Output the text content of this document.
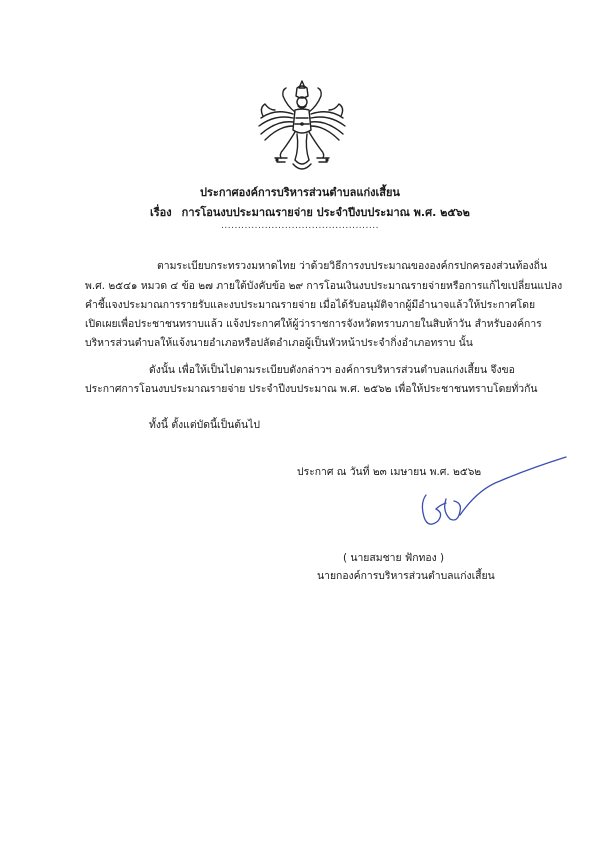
ประกาศองค์การบริหารส่วนตำบลแก่งเสี้ยน
เรื่อง การโอนงบประมาณรายจ่าย ประจำปีงบประมาณ พ.ศ. ๒๕๖๒
...............................................
ตามระเบียบกระทรวงมหาดไทย ว่าด้วยวิธีการงบประมาณขององค์กรปกครองส่วนท้องถิ่น
พ.ศ. ๒๕๔๑ หมวด ๔ ข้อ ๒๗ ภายใต้บังคับข้อ ๒๙ การโอนเงินงบประมาณรายจ่ายหรือการแก้ไขเปลี่ยนแปลง
คำชี้แจงประมาณการรายรับและงบประมาณรายจ่าย เมื่อได้รับอนุมัติจากผู้มีอำนาจแล้วให้ประกาศโดย
เปิดเผยเพื่อประชาชนทราบแล้ว แจ้งประกาศให้ผู้ว่าราชการจังหวัดทราบภายในสิบห้าวัน สำหรับองค์การ
บริหารส่วนตำบลให้แจ้งนายอำเภอหรือปลัดอำเภอผู้เป็นหัวหน้าประจำกิ่งอำเภอทราบ นั้น
ดังนั้น เพื่อให้เป็นไปตามระเบียบดังกล่าวฯ องค์การบริหารส่วนตำบลแก่งเสี้ยน จึงขอ
ประกาศการโอนงบประมาณรายจ่าย ประจำปีงบประมาณ พ.ศ. ๒๕๖๒ เพื่อให้ประชาชนทราบโดยทั่วกัน
ทั้งนี้ ตั้งแต่บัดนี้เป็นต้นไป
ประกาศ ณ วันที่ ๒๓ เมษายน พ.ศ. ๒๕๖๒
( นายสมชาย ฟักทอง )
นายกองค์การบริหารส่วนตำบลแก่งเสี้ยน
